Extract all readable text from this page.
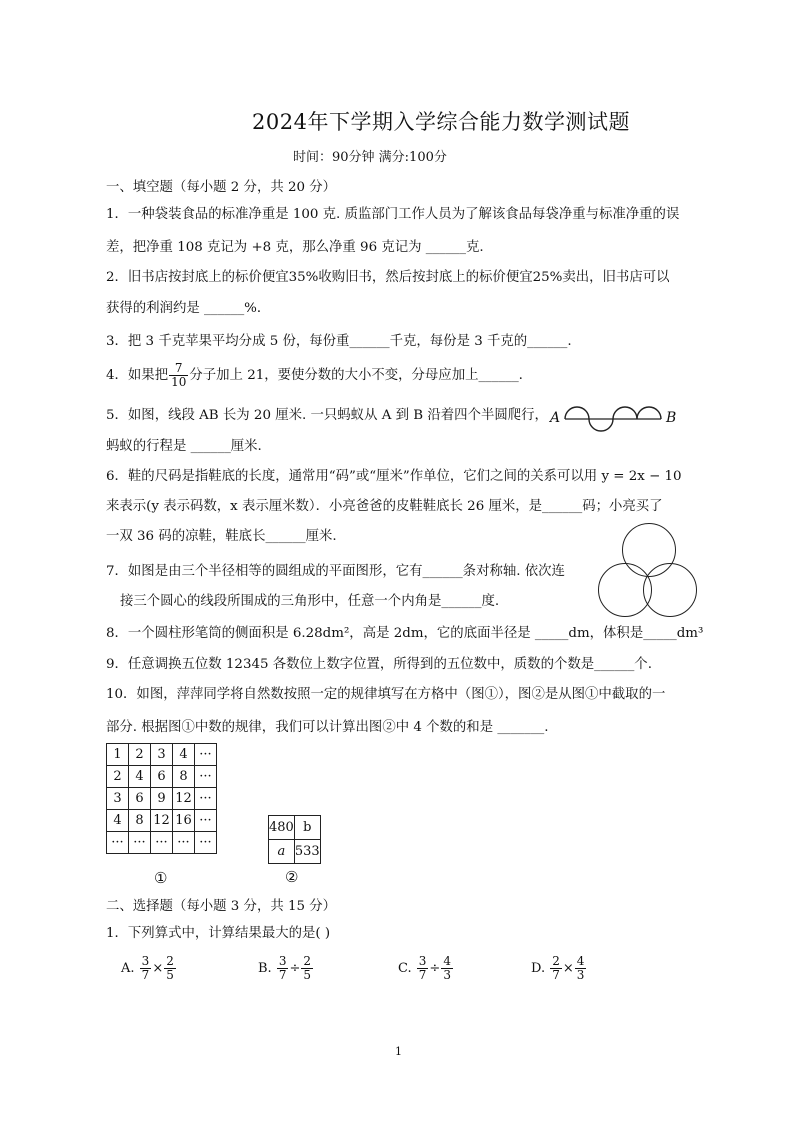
2024年下学期入学综合能力数学测试题
时间：90分钟 满分:100分
一、填空题（每小题 2 分，共 20 分）
1．一种袋装食品的标准净重是 100 克. 质监部门工作人员为了解该食品每袋净重与标准净重的误
差，把净重 108 克记为 +8 克，那么净重 96 克记为 ______克.
2．旧书店按封底上的标价便宜35%收购旧书，然后按封底上的标价便宜25%卖出，旧书店可以
获得的利润约是 ______%．
3．把 3 千克苹果平均分成 5 份，每份重______千克，每份是 3 千克的______.
4．如果把 $\frac{7}{10}$ 分子加上 21，要使分数的大小不变，分母应加上______.
5．如图，线段 AB 长为 20 厘米. 一只蚂蚁从 A 到 B 沿着四个半圆爬行，
蚂蚁的行程是 ______厘米.
A	B
6．鞋的尺码是指鞋底的长度，通常用“码”或“厘米”作单位，它们之间的关系可以用 y = 2x − 10
来表示(y 表示码数，x 表示厘米数）．小亮爸爸的皮鞋鞋底长 26 厘米，是______码；小亮买了
一双 36 码的凉鞋，鞋底长______厘米.
7．如图是由三个半径相等的圆组成的平面图形，它有______条对称轴. 依次连
接三个圆心的线段所围成的三角形中，任意一个内角是______度.
8．一个圆柱形笔筒的侧面积是 6.28dm²，高是 2dm，它的底面半径是 _____dm，体积是_____dm³
9．任意调换五位数 12345 各数位上数字位置，所得到的五位数中，质数的个数是______个.
10．如图，萍萍同学将自然数按照一定的规律填写在方格中（图①），图②是从图①中截取的一
部分. 根据图①中数的规律，我们可以计算出图②中 4 个数的和是 _______.
1	2	3	4	···
2	4	6	8	···
3	6	9	12	···
4	8	12	16	···
···	···	···	···	···
①
480	b
a	533
②
二、选择题（每小题 3 分，共 15 分）
1．下列算式中，计算结果最大的是( )
A. $\frac{3}{7} \times \frac{2}{5}$	B. $\frac{3}{7} \div \frac{2}{5}$	C. $\frac{3}{7} \div \frac{4}{3}$	D. $\frac{2}{7} \times \frac{4}{3}$
1
